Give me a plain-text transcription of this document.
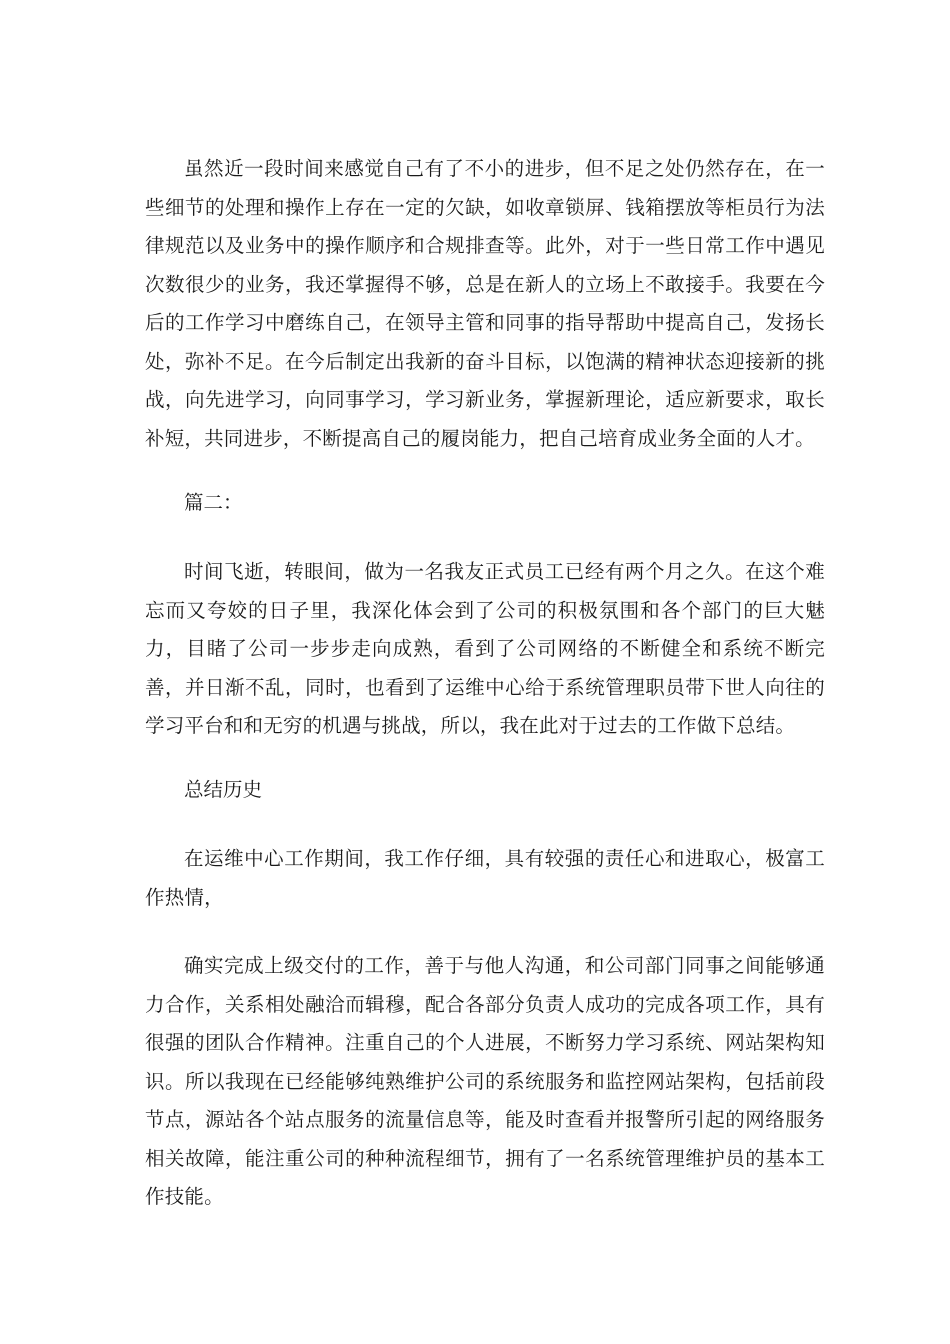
虽然近一段时间来感觉自己有了不小的进步，但不足之处仍然存在，在一些细节的处理和操作上存在一定的欠缺，如收章锁屏、钱箱摆放等柜员行为法律规范以及业务中的操作顺序和合规排查等。此外，对于一些日常工作中遇见次数很少的业务，我还掌握得不够，总是在新人的立场上不敢接手。我要在今后的工作学习中磨练自己，在领导主管和同事的指导帮助中提高自己，发扬长处，弥补不足。在今后制定出我新的奋斗目标，以饱满的精神状态迎接新的挑战，向先进学习，向同事学习，学习新业务，掌握新理论，适应新要求，取长补短，共同进步，不断提高自己的履岗能力，把自己培育成业务全面的人才。

篇二：

时间飞逝，转眼间，做为一名我友正式员工已经有两个月之久。在这个难忘而又夸姣的日子里，我深化体会到了公司的积极氛围和各个部门的巨大魅力，目睹了公司一步步走向成熟，看到了公司网络的不断健全和系统不断完善，并日渐不乱，同时，也看到了运维中心给于系统管理职员带下世人向往的学习平台和和无穷的机遇与挑战，所以，我在此对于过去的工作做下总结。

总结历史

在运维中心工作期间，我工作仔细，具有较强的责任心和进取心，极富工作热情，

确实完成上级交付的工作，善于与他人沟通，和公司部门同事之间能够通力合作，关系相处融洽而辑穆，配合各部分负责人成功的完成各项工作，具有很强的团队合作精神。注重自己的个人进展，不断努力学习系统、网站架构知识。所以我现在已经能够纯熟维护公司的系统服务和监控网站架构，包括前段节点，源站各个站点服务的流量信息等，能及时查看并报警所引起的网络服务相关故障，能注重公司的种种流程细节，拥有了一名系统管理维护员的基本工作技能。
